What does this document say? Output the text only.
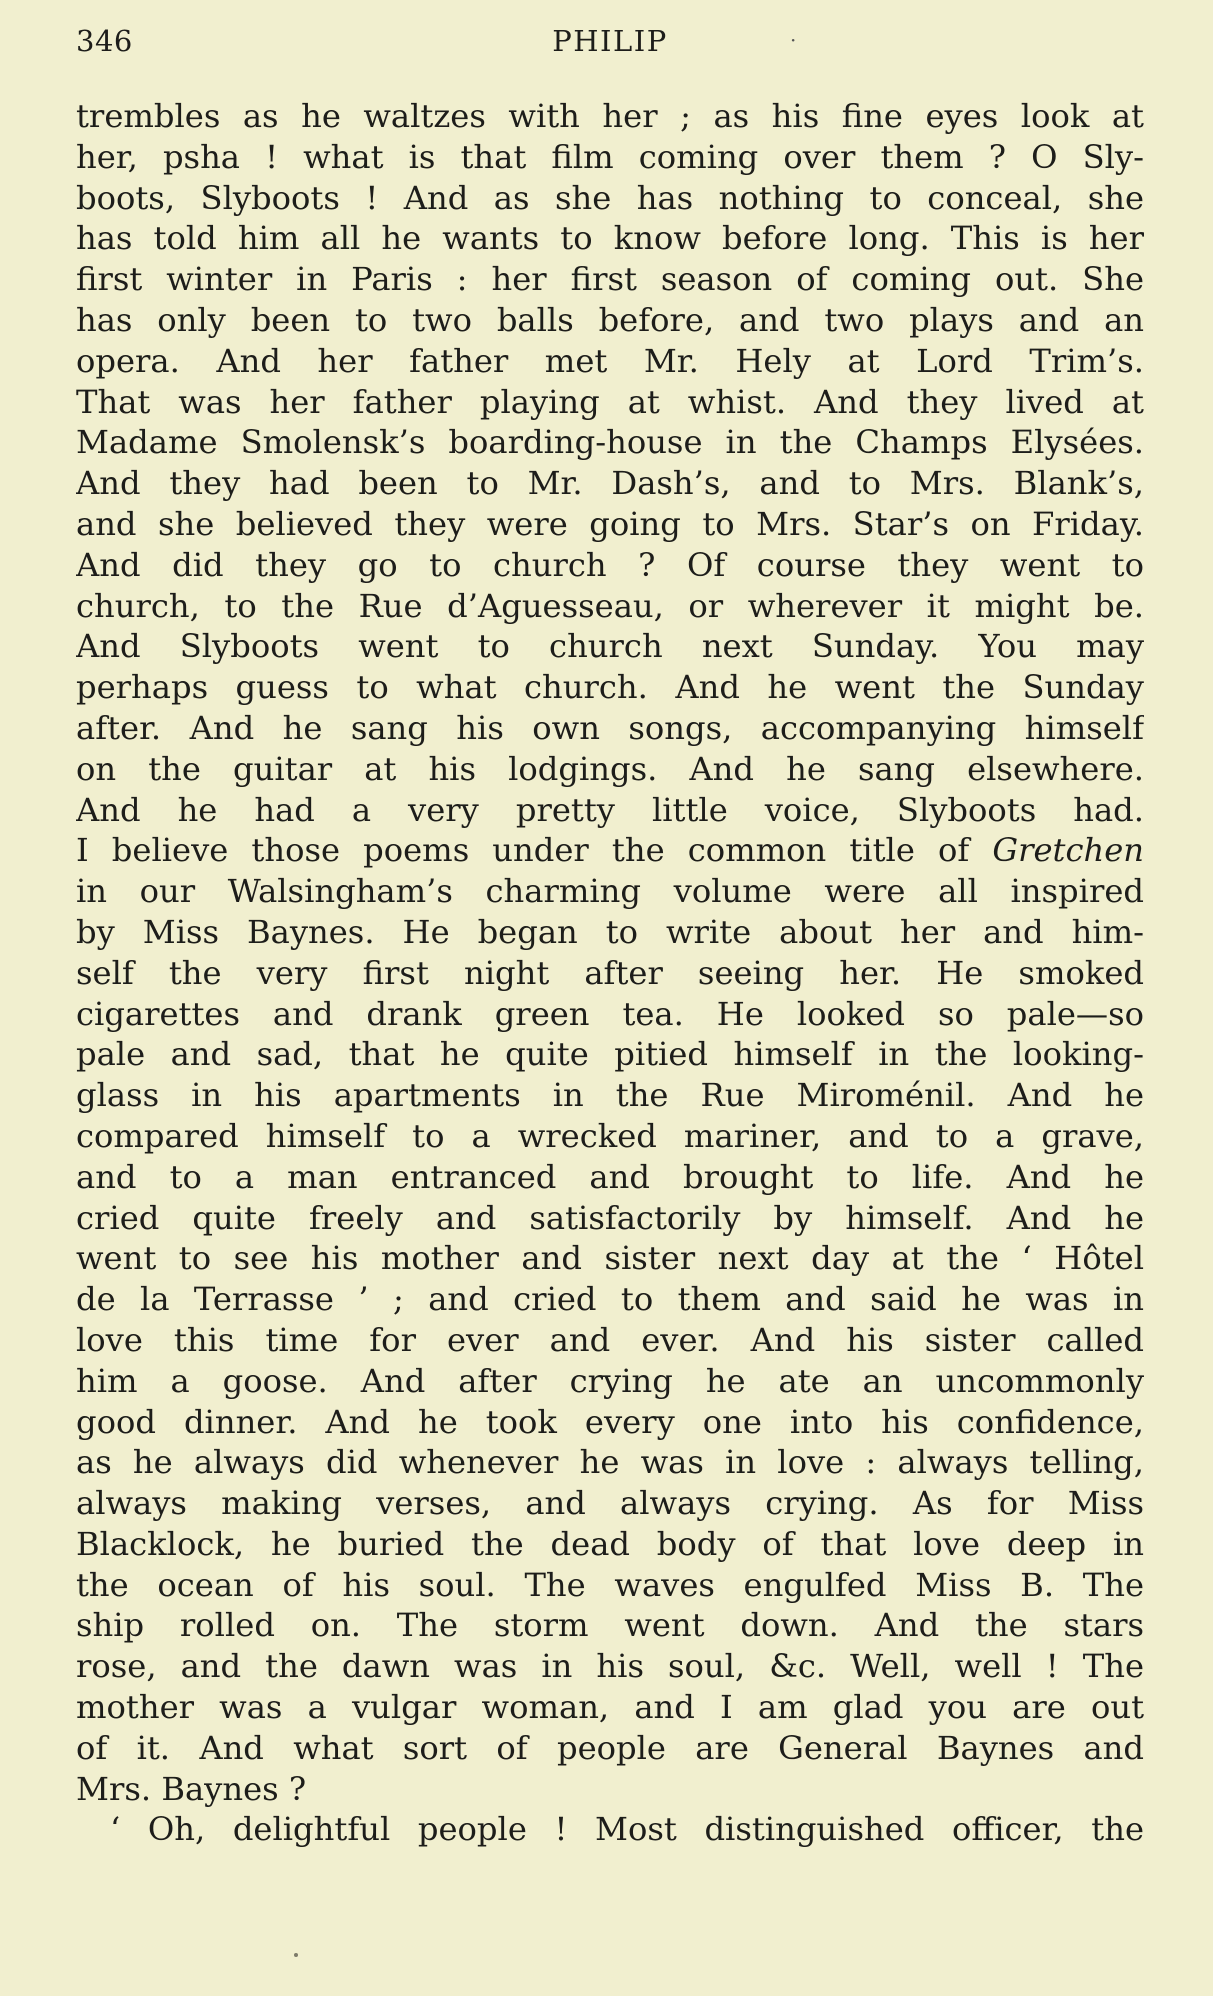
346	PHILIP	·
trembles as he waltzes with her ; as his fine eyes look at
her, psha ! what is that film coming over them ? O Sly-
boots, Slyboots ! And as she has nothing to conceal, she
has told him all he wants to know before long. This is her
first winter in Paris : her first season of coming out. She
has only been to two balls before, and two plays and an
opera. And her father met Mr. Hely at Lord Trim’s.
That was her father playing at whist. And they lived at
Madame Smolensk’s boarding-house in the Champs Elysées.
And they had been to Mr. Dash’s, and to Mrs. Blank’s,
and she believed they were going to Mrs. Star’s on Friday.
And did they go to church ? Of course they went to
church, to the Rue d’Aguesseau, or wherever it might be.
And Slyboots went to church next Sunday. You may
perhaps guess to what church. And he went the Sunday
after. And he sang his own songs, accompanying himself
on the guitar at his lodgings. And he sang elsewhere.
And he had a very pretty little voice, Slyboots had.
I believe those poems under the common title of Gretchen
in our Walsingham’s charming volume were all inspired
by Miss Baynes. He began to write about her and him-
self the very first night after seeing her. He smoked
cigarettes and drank green tea. He looked so pale—so
pale and sad, that he quite pitied himself in the looking-
glass in his apartments in the Rue Miroménil. And he
compared himself to a wrecked mariner, and to a grave,
and to a man entranced and brought to life. And he
cried quite freely and satisfactorily by himself. And he
went to see his mother and sister next day at the ‘ Hôtel
de la Terrasse ’ ; and cried to them and said he was in
love this time for ever and ever. And his sister called
him a goose. And after crying he ate an uncommonly
good dinner. And he took every one into his confidence,
as he always did whenever he was in love : always telling,
always making verses, and always crying. As for Miss
Blacklock, he buried the dead body of that love deep in
the ocean of his soul. The waves engulfed Miss B. The
ship rolled on. The storm went down. And the stars
rose, and the dawn was in his soul, &c. Well, well ! The
mother was a vulgar woman, and I am glad you are out
of it. And what sort of people are General Baynes and
Mrs. Baynes ?
‘ Oh, delightful people ! Most distinguished officer, the
